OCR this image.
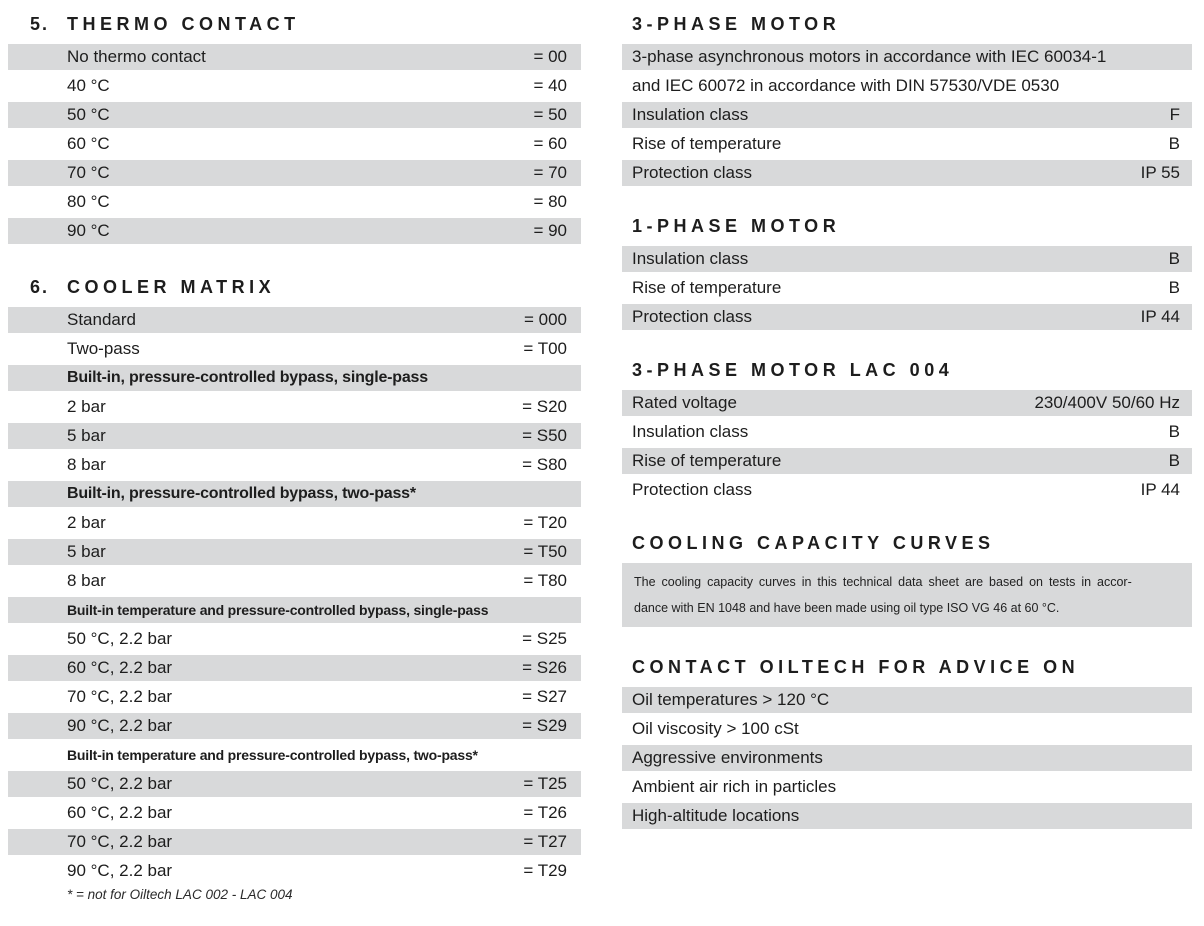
5. THERMO CONTACT
No thermo contact	= 00
40 °C	= 40
50 °C	= 50
60 °C	= 60
70 °C	= 70
80 °C	= 80
90 °C	= 90
6. COOLER MATRIX
Standard	= 000
Two-pass	= T00
Built-in, pressure-controlled bypass, single-pass
2 bar	= S20
5 bar	= S50
8 bar	= S80
Built-in, pressure-controlled bypass, two-pass*
2 bar	= T20
5 bar	= T50
8 bar	= T80
Built-in temperature and pressure-controlled bypass, single-pass
50 °C, 2.2 bar	= S25
60 °C, 2.2 bar	= S26
70 °C, 2.2 bar	= S27
90 °C, 2.2 bar	= S29
Built-in temperature and pressure-controlled bypass, two-pass*
50 °C, 2.2 bar	= T25
60 °C, 2.2 bar	= T26
70 °C, 2.2 bar	= T27
90 °C, 2.2 bar	= T29
* = not for Oiltech LAC 002 - LAC 004
3-PHASE MOTOR
3-phase asynchronous motors in accordance with IEC 60034-1
and IEC 60072 in accordance with DIN 57530/VDE 0530
Insulation class	F
Rise of temperature	B
Protection class	IP 55
1-PHASE MOTOR
Insulation class	B
Rise of temperature	B
Protection class	IP 44
3-PHASE MOTOR LAC 004
Rated voltage	230/400V 50/60 Hz
Insulation class	B
Rise of temperature	B
Protection class	IP 44
COOLING CAPACITY CURVES
The cooling capacity curves in this technical data sheet are based on tests in accor-
dance with EN 1048 and have been made using oil type ISO VG 46 at 60 °C.
CONTACT OILTECH FOR ADVICE ON
Oil temperatures > 120 °C
Oil viscosity > 100 cSt
Aggressive environments
Ambient air rich in particles
High-altitude locations
